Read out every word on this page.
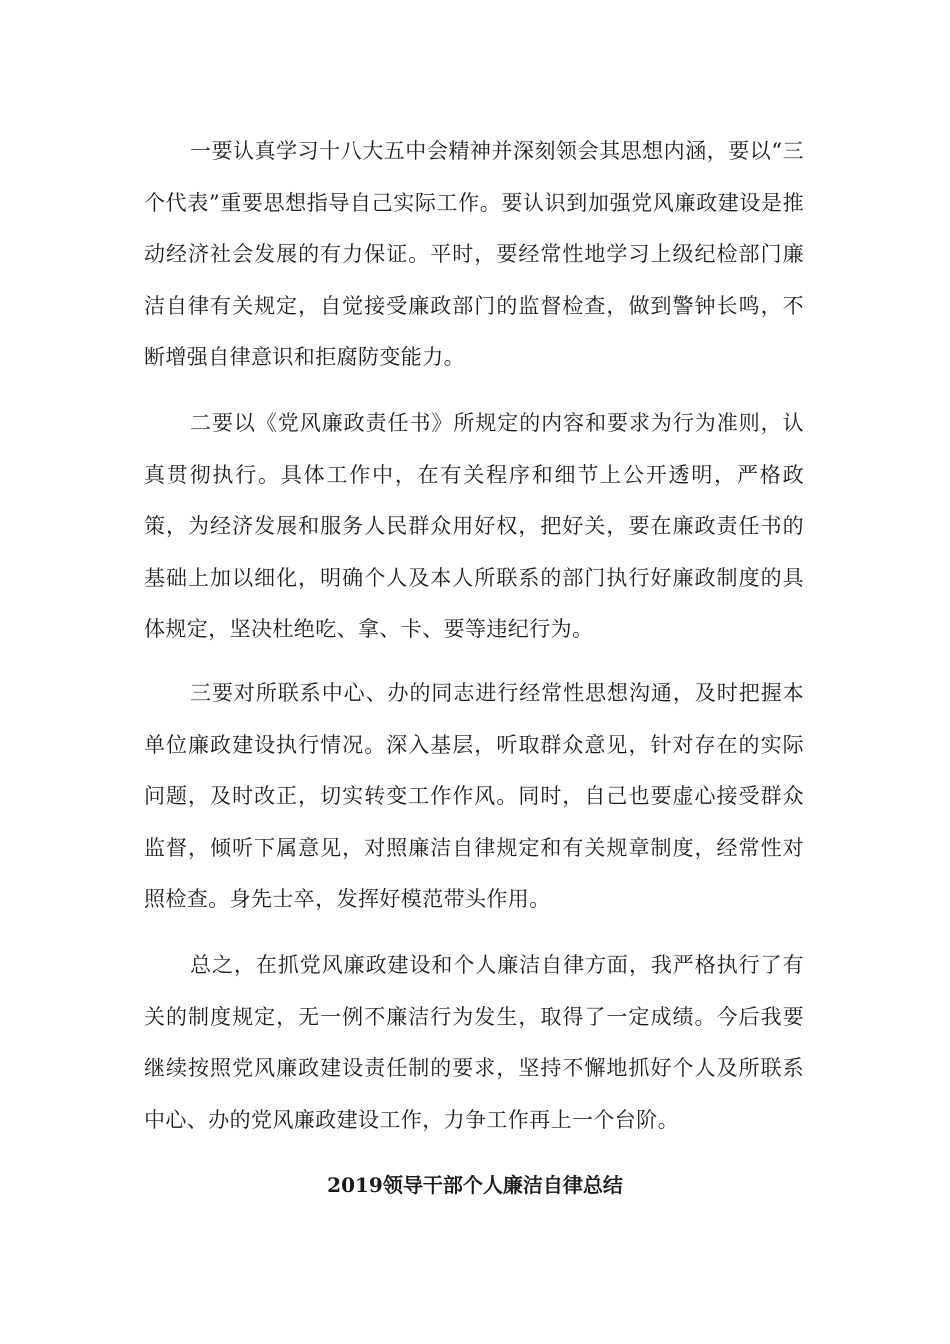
一要认真学习十八大五中会精神并深刻领会其思想内涵，要以“三个代表”重要思想指导自己实际工作。要认识到加强党风廉政建设是推动经济社会发展的有力保证。平时，要经常性地学习上级纪检部门廉洁自律有关规定，自觉接受廉政部门的监督检查，做到警钟长鸣，不断增强自律意识和拒腐防变能力。

二要以《党风廉政责任书》所规定的内容和要求为行为准则，认真贯彻执行。具体工作中，在有关程序和细节上公开透明，严格政策，为经济发展和服务人民群众用好权，把好关，要在廉政责任书的基础上加以细化，明确个人及本人所联系的部门执行好廉政制度的具体规定，坚决杜绝吃、拿、卡、要等违纪行为。

三要对所联系中心、办的同志进行经常性思想沟通，及时把握本单位廉政建设执行情况。深入基层，听取群众意见，针对存在的实际问题，及时改正，切实转变工作作风。同时，自己也要虚心接受群众监督，倾听下属意见，对照廉洁自律规定和有关规章制度，经常性对照检查。身先士卒，发挥好模范带头作用。

总之，在抓党风廉政建设和个人廉洁自律方面，我严格执行了有关的制度规定，无一例不廉洁行为发生，取得了一定成绩。今后我要继续按照党风廉政建设责任制的要求，坚持不懈地抓好个人及所联系中心、办的党风廉政建设工作，力争工作再上一个台阶。

2019领导干部个人廉洁自律总结
